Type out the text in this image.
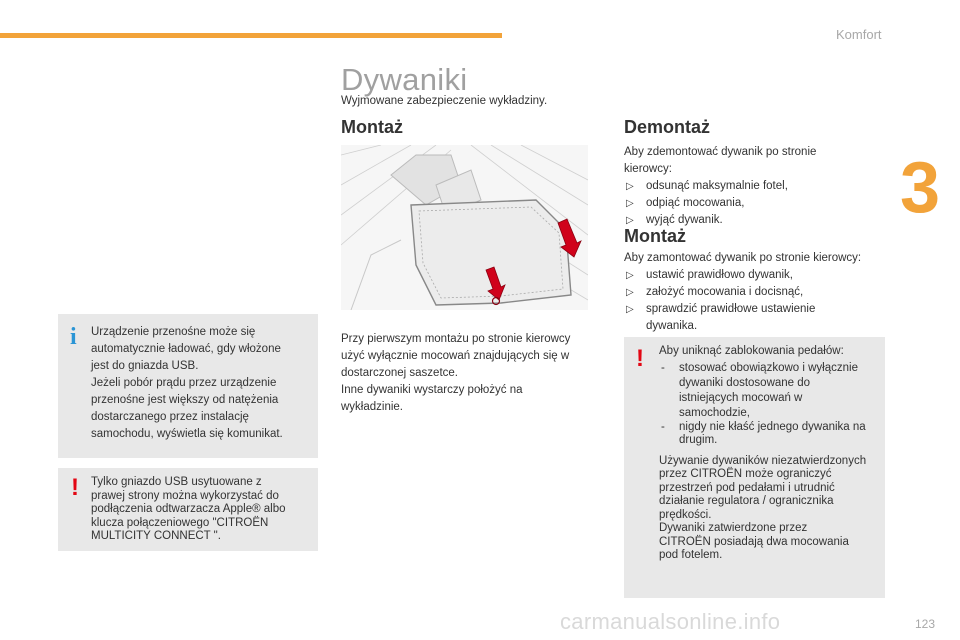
Komfort
3
Dywaniki
Wyjmowane zabezpieczenie wykładziny.
Montaż
Przy pierwszym montażu po stronie kierowcy
użyć wyłącznie mocowań znajdujących się w
dostarczonej saszetce.
Inne dywaniki wystarczy położyć na
wykładzinie.
Demontaż
Aby zdemontować dywanik po stronie
kierowcy:
▷ odsunąć maksymalnie fotel,
▷ odpiąć mocowania,
▷ wyjąć dywanik.
Montaż
Aby zamontować dywanik po stronie kierowcy:
▷ ustawić prawidłowo dywanik,
▷ założyć mocowania i docisnąć,
▷ sprawdzić prawidłowe ustawienie dywanika.
i Urządzenie przenośne może się
automatycznie ładować, gdy włożone
jest do gniazda USB.
Jeżeli pobór prądu przez urządzenie
przenośne jest większy od natężenia
dostarczanego przez instalację
samochodu, wyświetla się komunikat.
! Tylko gniazdo USB usytuowane z
prawej strony można wykorzystać do
podłączenia odtwarzacza Apple® albo
klucza połączeniowego "CITROËN
MULTICITY CONNECT ".
! Aby uniknąć zablokowania pedałów:
- stosować obowiązkowo i wyłącznie dywaniki dostosowane do istniejących mocowań w samochodzie,
- nigdy nie kłaść jednego dywanika na drugim.
Używanie dywaników niezatwierdzonych
przez CITROËN może ograniczyć
przestrzeń pod pedałami i utrudnić
działanie regulatora / ogranicznika
prędkości.
Dywaniki zatwierdzone przez
CITROËN posiadają dwa mocowania
pod fotelem.
carmanualsonline.info	123
